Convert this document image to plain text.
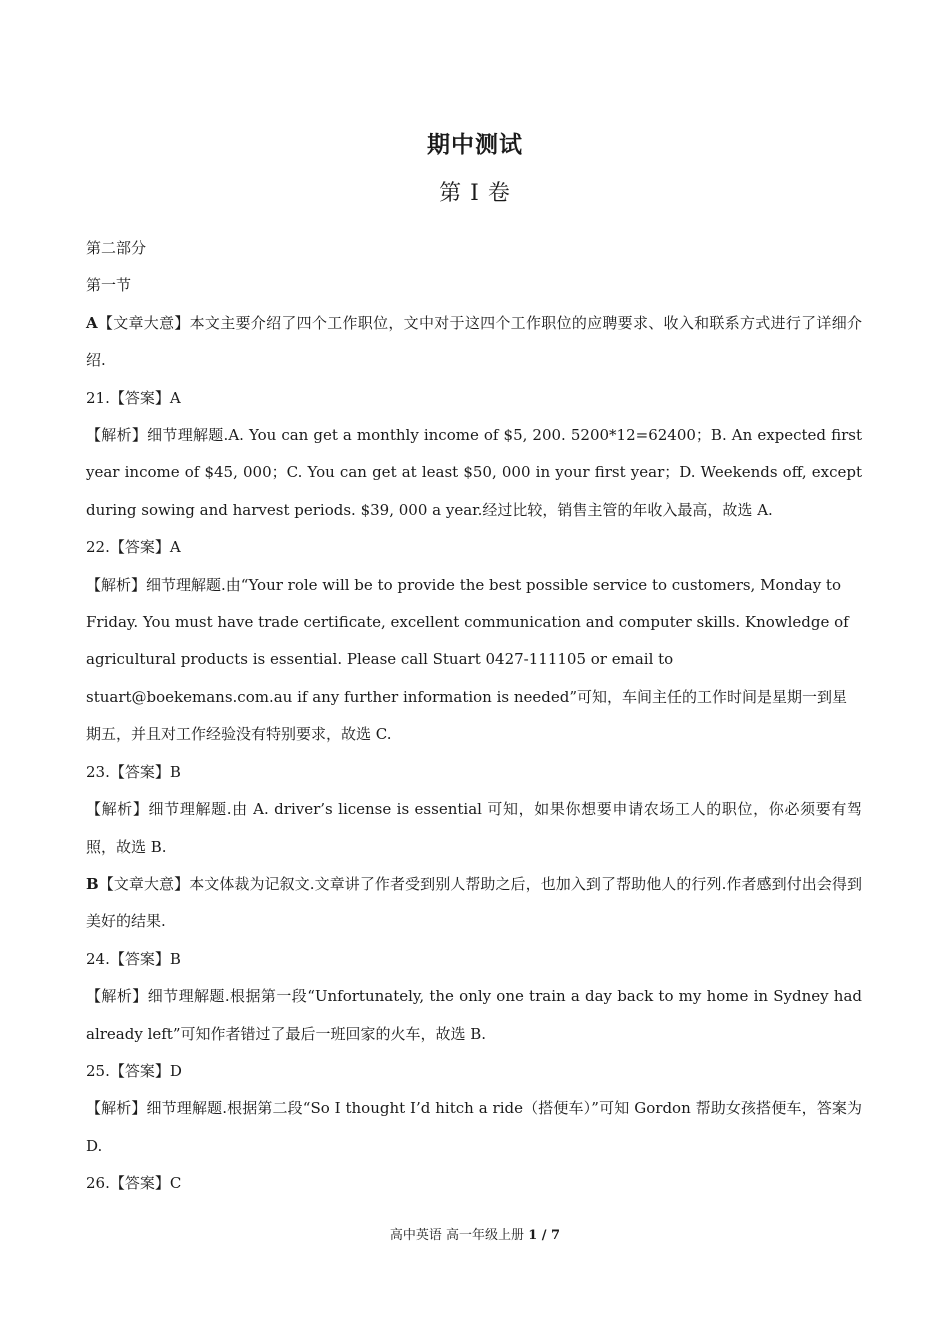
期中测试
第 I 卷

第二部分

第一节

A【文章大意】本文主要介绍了四个工作职位，文中对于这四个工作职位的应聘要求、收入和联系方式进行了详细介绍.

21.【答案】A

【解析】细节理解题.A. You can get a monthly income of $5, 200. 5200*12=62400；B. An expected first year income of $45, 000；C. You can get at least $50, 000 in your first year；D. Weekends off, except during sowing and harvest periods. $39, 000 a year.经过比较，销售主管的年收入最高，故选 A.

22.【答案】A

【解析】细节理解题.由“Your role will be to provide the best possible service to customers, Monday to Friday. You must have trade certificate, excellent communication and computer skills. Knowledge of agricultural products is essential. Please call Stuart 0427-111105 or email to stuart@boekemans.com.au if any further information is needed”可知，车间主任的工作时间是星期一到星期五，并且对工作经验没有特别要求，故选 C.

23.【答案】B

【解析】细节理解题.由 A. driver’s license is essential 可知，如果你想要申请农场工人的职位，你必须要有驾照，故选 B.

B【文章大意】本文体裁为记叙文.文章讲了作者受到别人帮助之后，也加入到了帮助他人的行列.作者感到付出会得到美好的结果.

24.【答案】B

【解析】细节理解题.根据第一段“Unfortunately, the only one train a day back to my home in Sydney had already left”可知作者错过了最后一班回家的火车，故选 B.

25.【答案】D

【解析】细节理解题.根据第二段“So I thought I’d hitch a ride（搭便车）”可知 Gordon 帮助女孩搭便车，答案为 D.

26.【答案】C

高中英语 高一年级上册 1 / 7
